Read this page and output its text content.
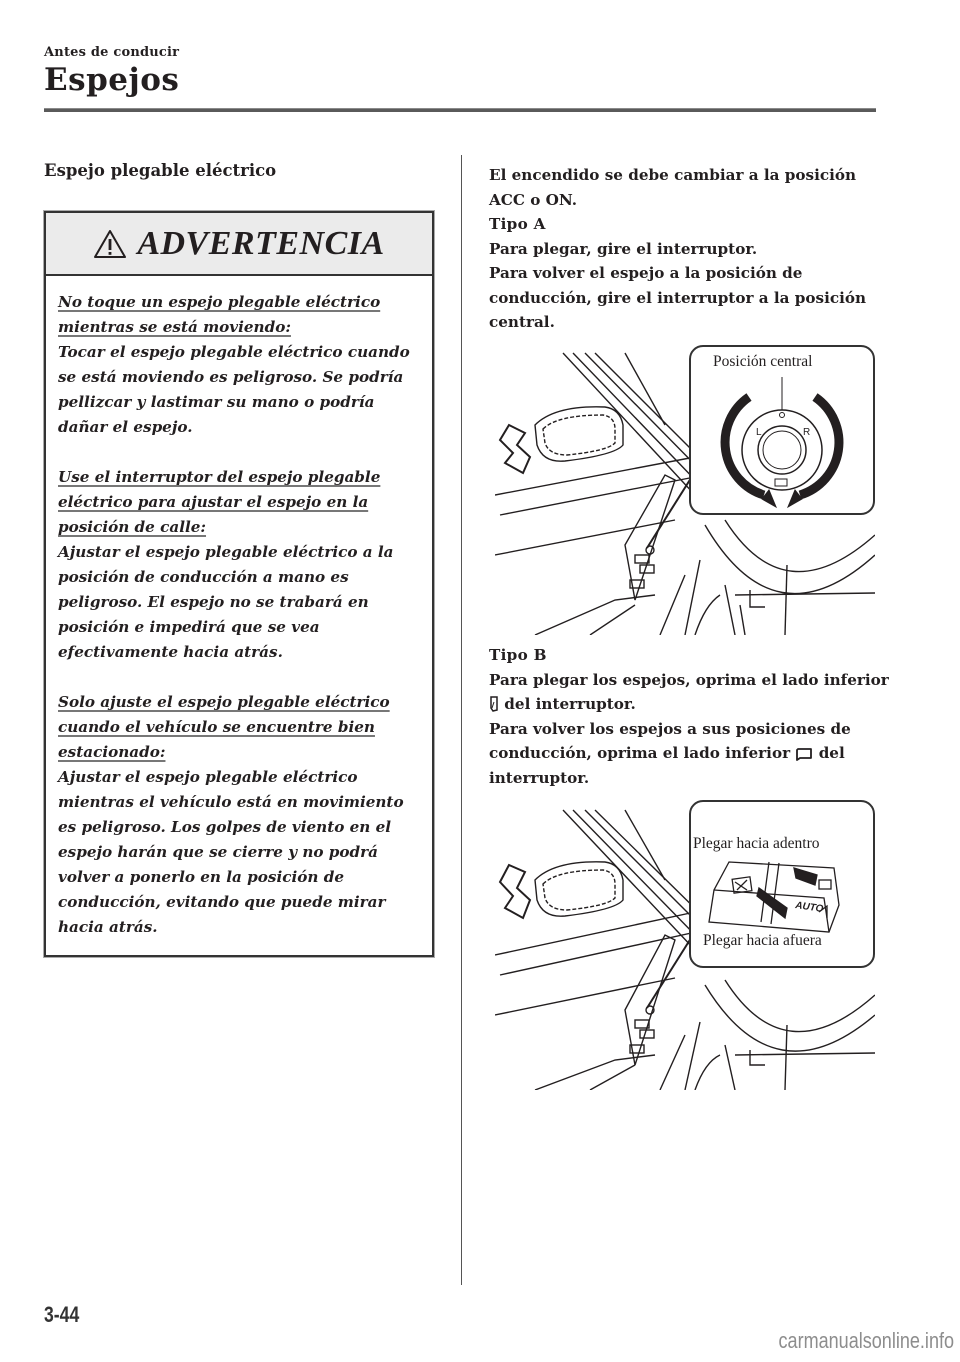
Antes de conducir
Espejos
Espejo plegable eléctrico
ADVERTENCIA

No toque un espejo plegable eléctrico mientras se está moviendo:
Tocar el espejo plegable eléctrico cuando se está moviendo es peligroso. Se podría pellizcar y lastimar su mano o podría dañar el espejo.

Use el interruptor del espejo plegable eléctrico para ajustar el espejo en la posición de calle:
Ajustar el espejo plegable eléctrico a la posición de conducción a mano es peligroso. El espejo no se trabará en posición e impedirá que se vea efectivamente hacia atrás.

Solo ajuste el espejo plegable eléctrico cuando el vehículo se encuentre bien estacionado:
Ajustar el espejo plegable eléctrico mientras el vehículo está en movimiento es peligroso. Los golpes de viento en el espejo harán que se cierre y no podrá volver a ponerlo en la posición de conducción, evitando que puede mirar hacia atrás.

El encendido se debe cambiar a la posición ACC o ON.

Tipo A

Para plegar, gire el interruptor.

Para volver el espejo a la posición de conducción, gire el interruptor a la posición central.

Posición central
L	R

Tipo B

Para plegar los espejos, oprima el lado inferior  del interruptor.

Para volver los espejos a sus posiciones de conducción, oprima el lado inferior del interruptor.

Plegar hacia adentro
Plegar hacia afuera
AUTO
3-44
carmanualsonline.info
